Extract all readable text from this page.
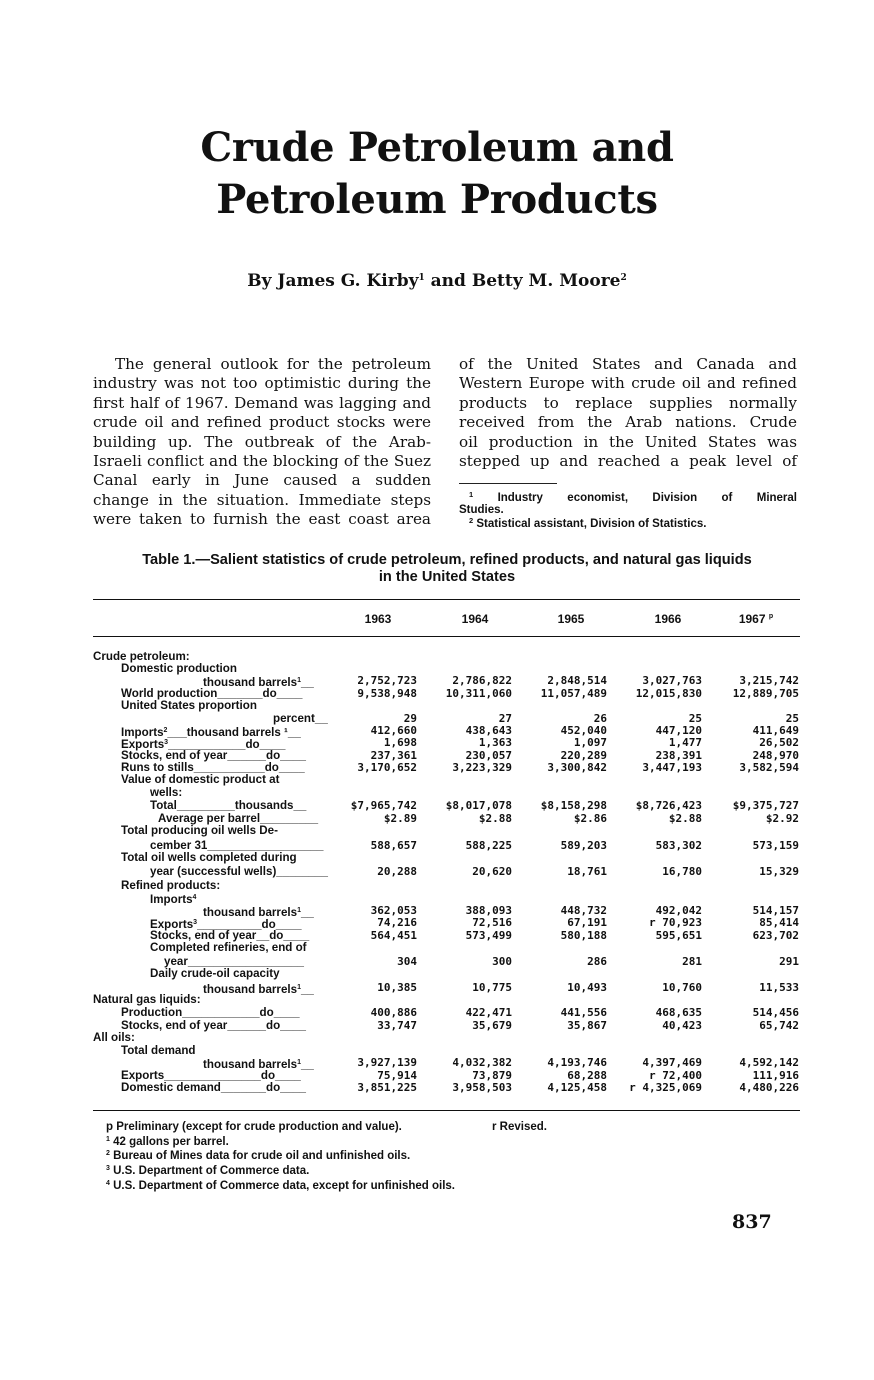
Crude Petroleum and
Petroleum Products
By James G. Kirby$^1$ and Betty M. Moore$^2$
The general outlook for the petroleum
industry was not too optimistic during the
first half of 1967. Demand was lagging and
crude oil and refined product stocks were
building up. The outbreak of the Arab-
Israeli conflict and the blocking of the Suez
Canal early in June caused a sudden
change in the situation. Immediate steps
were taken to furnish the east coast area
of the United States and Canada and
Western Europe with crude oil and refined
products to replace supplies normally
received from the Arab nations. Crude
oil production in the United States was
stepped up and reached a peak level of
$^1$ Industry economist, Division of Mineral
Studies.
$^2$ Statistical assistant, Division of Statistics.
Table 1.—Salient statistics of crude petroleum, refined products, and natural gas liquids
in the United States
1963	1964	1965	1966	1967 $^p$
Crude petroleum:
Domestic production
thousand barrels$^1$__	2,752,723	2,786,822	2,848,514	3,027,763	3,215,742
World production_______do____	9,538,948	10,311,060	11,057,489	12,015,830	12,889,705
United States proportion
percent__	29	27	26	25	25
Imports$^2$___thousand barrels ¹__	412,660	438,643	452,040	447,120	411,649
Exports$^3$____________do____	1,698	1,363	1,097	1,477	26,502
Stocks, end of year______do____	237,361	230,057	220,289	238,391	248,970
Runs to stills___________do____	3,170,652	3,223,329	3,300,842	3,447,193	3,582,594
Value of domestic product at
wells:
Total_________thousands__	$7,965,742	$8,017,078	$8,158,298	$8,726,423	$9,375,727
Average per barrel_________	$2.89	$2.88	$2.86	$2.88	$2.92
Total producing oil wells De-
cember 31__________________	588,657	588,225	589,203	583,302	573,159
Total oil wells completed during
year (successful wells)________	20,288	20,620	18,761	16,780	15,329
Refined products:
Imports$^4$
thousand barrels$^1$__	362,053	388,093	448,732	492,042	514,157
Exports$^3$__________do____	74,216	72,516	67,191	r 70,923	85,414
Stocks, end of year__do____	564,451	573,499	580,188	595,651	623,702
Completed refineries, end of
year__________________	304	300	286	281	291
Daily crude-oil capacity
thousand barrels$^1$__	10,385	10,775	10,493	10,760	11,533
Natural gas liquids:
Production____________do____	400,886	422,471	441,556	468,635	514,456
Stocks, end of year______do____	33,747	35,679	35,867	40,423	65,742
All oils:
Total demand
thousand barrels$^1$__	3,927,139	4,032,382	4,193,746	4,397,469	4,592,142
Exports_______________do____	75,914	73,879	68,288	r 72,400	111,916
Domestic demand_______do____	3,851,225	3,958,503	4,125,458	r 4,325,069	4,480,226
p Preliminary (except for crude production and value).	r Revised.
$^1$ 42 gallons per barrel.
$^2$ Bureau of Mines data for crude oil and unfinished oils.
$^3$ U.S. Department of Commerce data.
$^4$ U.S. Department of Commerce data, except for unfinished oils.
837
